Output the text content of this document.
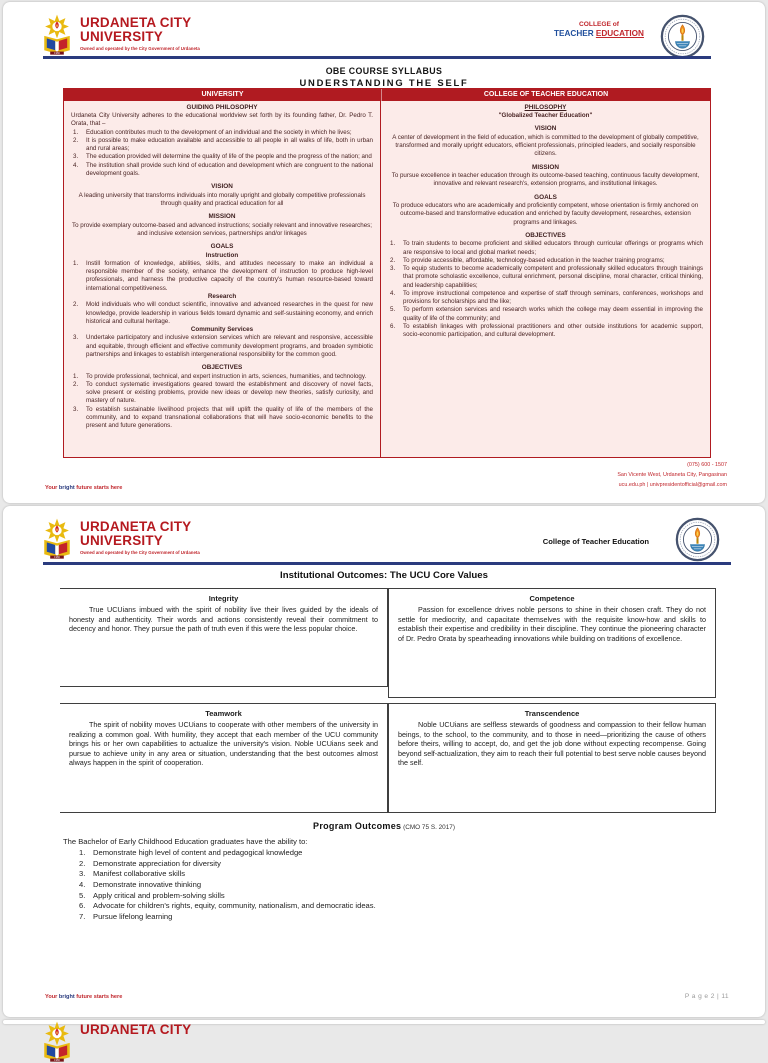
URDANETA CITY
UNIVERSITY
Owned and operated by the City Government of Urdaneta
COLLEGE of
TEACHER EDUCATION
OBE COURSE SYLLABUS
UNDERSTANDING THE SELF
UNIVERSITY	COLLEGE OF TEACHER EDUCATION
GUIDING PHILOSOPHY
Urdaneta City University adheres to the educational worldview set forth by its founding father, Dr. Pedro T. Orata, that –
1.	Education contributes much to the development of an individual and the society in which he lives;
2.	It is possible to make education available and accessible to all people in all walks of life, both in urban and rural areas;
3.	The education provided will determine the quality of life of the people and the progress of the nation; and
4.	The institution shall provide such kind of education and development which are congruent to the national development goals.
VISION
A leading university that transforms individuals into morally upright and globally competitive professionals through quality and practical education for all
MISSION
To provide exemplary outcome-based and advanced instructions; socially relevant and innovative researches; and inclusive extension services, partnerships and/or linkages
GOALS
Instruction
1.	Instill formation of knowledge, abilities, skills, and attitudes necessary to make an individual a responsible member of the society, enhance the development of instruction to produce high-level professionals, and harness the productive capacity of the country's human resource-based toward international competitiveness.
Research
2.	Mold individuals who will conduct scientific, innovative and advanced researches in the quest for new knowledge, provide leadership in various fields toward dynamic and self-sustaining economy, and enrich historical and cultural heritage.
Community Services
3.	Undertake participatory and inclusive extension services which are relevant and responsive, accessible and equitable, through efficient and effective community development programs, and broaden symbiotic partnerships and linkages to establish intergenerational responsibility for the common good.
OBJECTIVES
1.	To provide professional, technical, and expert instruction in arts, sciences, humanities, and technology.
2.	To conduct systematic investigations geared toward the establishment and discovery of novel facts, solve present or existing problems, provide new ideas or develop new theories, satisfy curiosity, and mastery of nature.
3.	To establish sustainable livelihood projects that will uplift the quality of life of the members of the community, and to expand transnational collaborations that will have socio-economic benefits to the present and future generations.
PHILOSOPHY
"Globalized Teacher Education"
VISION
A center of development in the field of education, which is committed to the development of globally competitive, transformed and morally upright educators, efficient professionals, principled leaders, and socially responsible citizens.
MISSION
To pursue excellence in teacher education through its outcome-based teaching, continuous faculty development, innovative and relevant research's, extension programs, and institutional linkages.
GOALS
To produce educators who are academically and proficiently competent, whose orientation is firmly anchored on outcome-based and transformative education and enriched by faculty development, researches, extension programs and linkages.
OBJECTIVES
1.	To train students to become proficient and skilled educators through curricular offerings or programs which are responsive to local and global market needs;
2.	To provide accessible, affordable, technology-based education in the teacher training programs;
3.	To equip students to become academically competent and professionally skilled educators through trainings that promote scholastic excellence, cultural enrichment, personal discipline, moral character, critical thinking, and leadership capabilities;
4.	To improve instructional competence and expertise of staff through seminars, conferences, workshops and provisions for scholarships and the like;
5.	To perform extension services and research works which the college may deem essential in improving the quality of life of the community; and
6.	To establish linkages with professional practitioners and other outside institutions for academic support, socio-economic participation, and cultural development.
(075) 600 - 1507
San Vicente West, Urdaneta City, Pangasinan
ucu.edu.ph | univpresidentofficial@gmail.com
Your bright future starts here
URDANETA CITY
UNIVERSITY
Owned and operated by the City Government of Urdaneta
College of Teacher Education
Institutional Outcomes: The UCU Core Values
Integrity
True UCUians imbued with the spirit of nobility live their lives guided by the ideals of honesty and authenticity. Their words and actions consistently reveal their commitment to decency and honor. They pursue the path of truth even if this were the less popular choice.
Competence
Passion for excellence drives noble persons to shine in their chosen craft. They do not settle for mediocrity, and capacitate themselves with the requisite know-how and skills to establish their expertise and credibility in their discipline. They continue the pioneering character of Dr. Pedro Orata by spearheading innovations while building on traditions of excellence.
Teamwork
The spirit of nobility moves UCUians to cooperate with other members of the university in realizing a common goal. With humility, they accept that each member of the UCU community brings his or her own capabilities to actualize the university's vision. Noble UCUians seek and pursue to achieve unity in any area or situation, understanding that the best outcomes almost always happen in the spirit of cooperation.
Transcendence
Noble UCUians are selfless stewards of goodness and compassion to their fellow human beings, to the school, to the community, and to those in need—prioritizing the cause of others before theirs, willing to accept, do, and get the job done without expecting recompense. Going beyond self-actualization, they aim to reach their full potential to best serve noble causes beyond the self.
Program Outcomes (CMO 75 S. 2017)
The Bachelor of Early Childhood Education graduates have the ability to:
1.	Demonstrate high level of content and pedagogical knowledge
2.	Demonstrate appreciation for diversity
3.	Manifest collaborative skills
4.	Demonstrate innovative thinking
5.	Apply critical and problem-solving skills
6.	Advocate for children's rights, equity, community, nationalism, and democratic ideas.
7.	Pursue lifelong learning
Your bright future starts here	P a g e 2 | 11
URDANETA CITY
